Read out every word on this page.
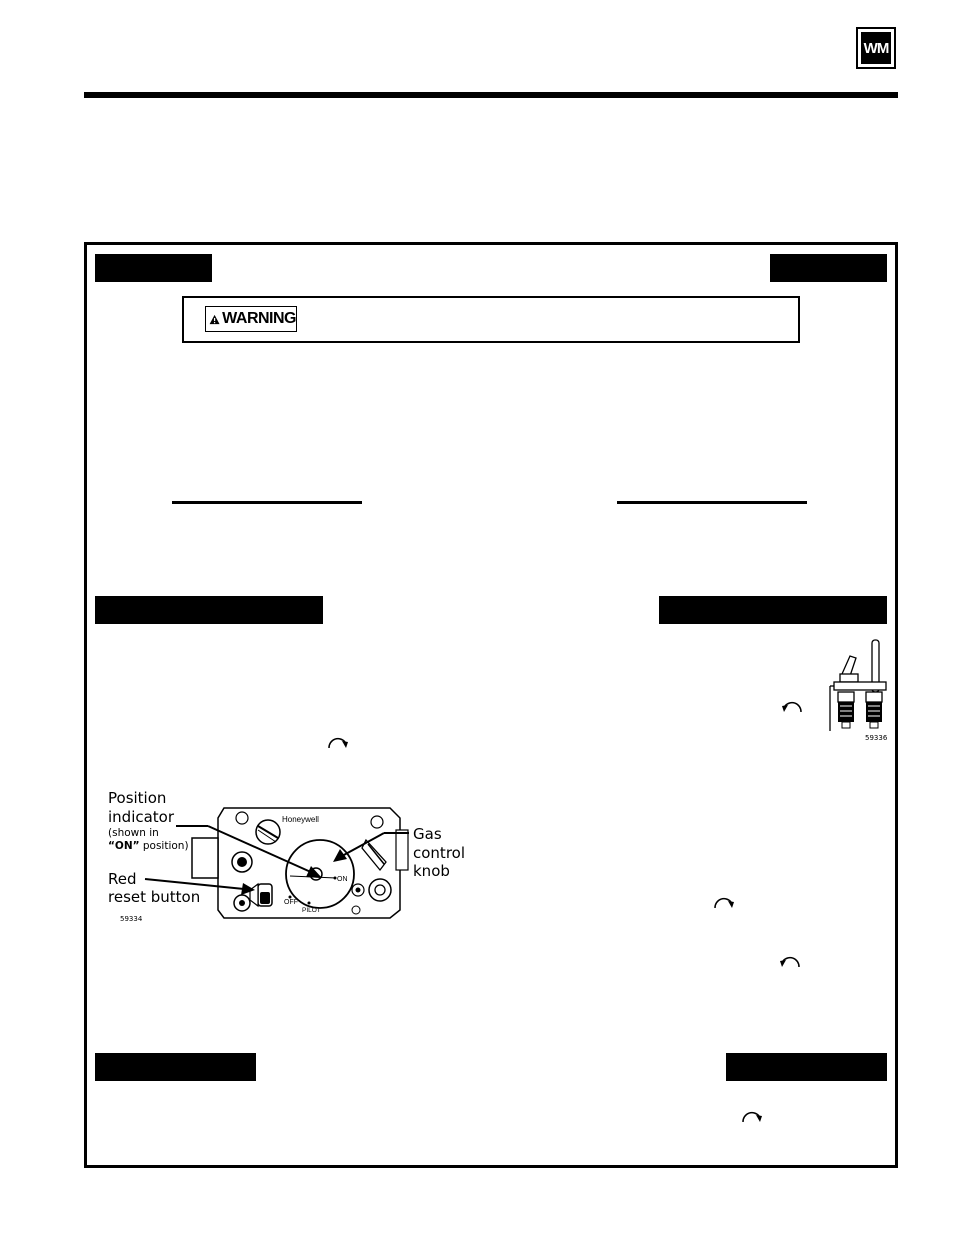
WM
WARNING
59336
Honeywell
ON
OFF
PILOT
Position
indicator
(shown in
“ON” position)
Red
reset button
59334
Gas
control
knob
